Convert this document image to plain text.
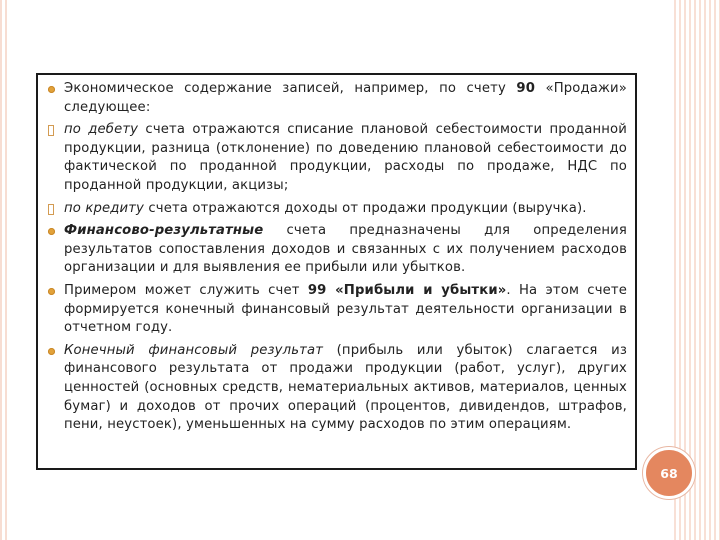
Экономическое содержание записей, например, по счету 90 «Продажи» следующее:
по дебету счета отражаются списание плановой себестоимости проданной продукции, разница (отклонение) по доведению плановой себестоимости до фактической по проданной продукции, расходы по продаже, НДС по проданной продукции, акцизы;
по кредиту счета отражаются доходы от продажи продукции (выручка).
Финансово-результатные счета предназначены для определения результатов сопоставления доходов и связанных с их получением расходов организации и для выявления ее прибыли или убытков.
Примером может служить счет 99 «Прибыли и убытки». На этом счете формируется конечный финансовый результат деятельности организации в отчетном году.
Конечный финансовый результат (прибыль или убыток) слагается из финансового результата от продажи продукции (работ, услуг), других ценностей (основных средств, нематериальных активов, материалов, ценных бумаг) и доходов от прочих операций (процентов, дивидендов, штрафов, пени, неустоек), уменьшенных на сумму расходов по этим операциям.
68
